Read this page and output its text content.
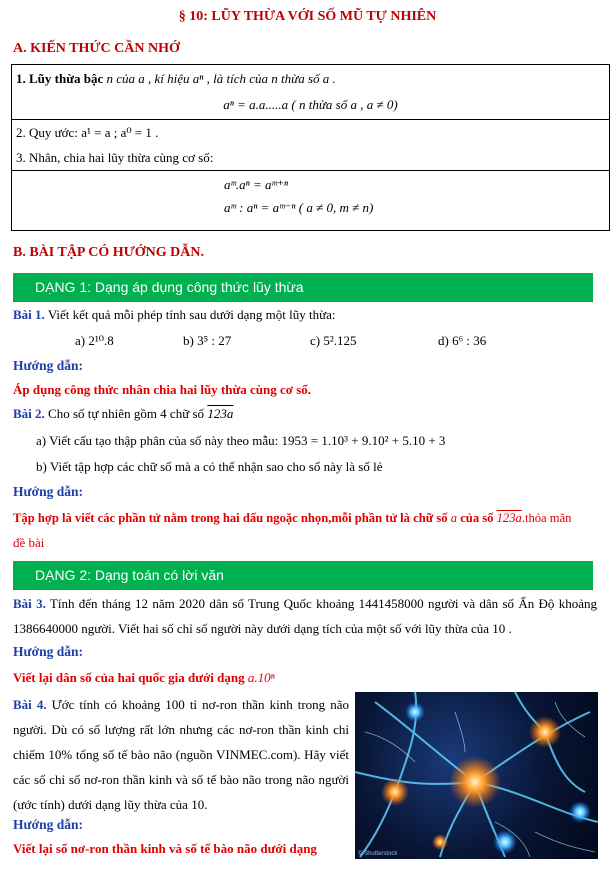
§ 10: LŨY THỪA VỚI SỐ MŨ TỰ NHIÊN
A. KIẾN THỨC CẦN NHỚ
1. Lũy thừa bậc n của a , kí hiệu aⁿ , là tích của n thừa số a .
aⁿ = a.a.....a ( n thừa số a , a ≠ 0)
2. Quy ước: a¹ = a ; a⁰ = 1 .
3. Nhân, chia hai lũy thừa cùng cơ số:
aᵐ.aⁿ = aᵐ⁺ⁿ
aᵐ : aⁿ = aᵐ⁻ⁿ ( a ≠ 0, m ≠ n)
B. BÀI TẬP CÓ HƯỚNG DẪN.
DẠNG 1: Dạng áp dụng công thức lũy thừa
Bài 1. Viết kết quả mỗi phép tính sau dưới dạng một lũy thừa:
a) 2¹⁰.8	b) 3⁵ : 27	c) 5².125	d) 6⁶ : 36
Hướng dẫn:
Áp dụng công thức nhân chia hai lũy thừa cùng cơ số.
Bài 2. Cho số tự nhiên gồm 4 chữ số 123a
a) Viết cấu tạo thập phân của số này theo mẫu: 1953 = 1.10³ + 9.10² + 5.10 + 3
b) Viết tập hợp các chữ số mà a có thể nhận sao cho số này là số lẻ
Hướng dẫn:
Tập hợp là viết các phần tử nằm trong hai dấu ngoặc nhọn,mỗi phần tử là chữ số a của số 123a.thỏa mãn
đề bài
DẠNG 2: Dạng toán có lời văn
Bài 3. Tính đến tháng 12 năm 2020 dân số Trung Quốc khoảng 1441458000 người và dân số Ấn Độ khoảng 1386640000 người. Viết hai số chỉ số người này dưới dạng tích của một số với lũy thừa của 10 .
Hướng dẫn:
Viết lại dân số của hai quốc gia dưới dạng a.10ⁿ
Bài 4. Ước tính có khoảng 100 tỉ nơ-ron thần kinh trong não người. Dù có số lượng rất lớn nhưng các nơ-ron thần kinh chỉ chiếm 10% tổng số tế bào não (nguồn VINMEC.com). Hãy viết các số chỉ số nơ-ron thần kinh và số tế bào não trong não người (ước tính) dưới dạng lũy thừa của 10.
Hướng dẫn:
Viết lại số nơ-ron thần kinh và số tế bào não dưới dạng	© Shutterstock
